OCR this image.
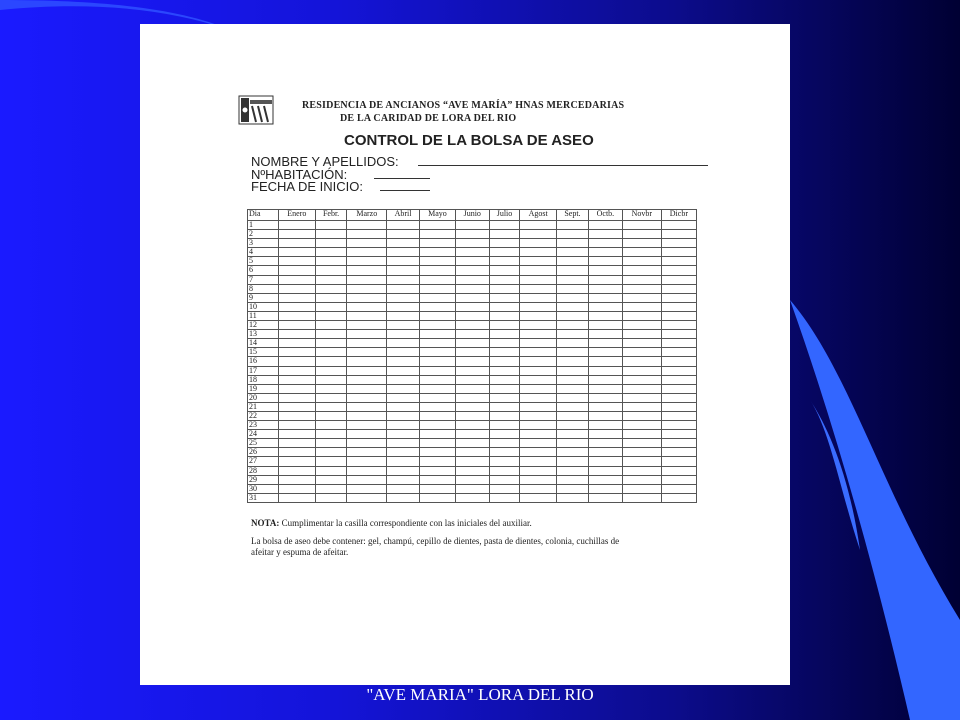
RESIDENCIA DE ANCIANOS “AVE MARÍA” HNAS MERCEDARIAS
DE LA CARIDAD DE LORA DEL RIO
CONTROL DE LA BOLSA DE ASEO
NOMBRE Y APELLIDOS:
NºHABITACIÓN:
FECHA DE INICIO:
Dia	Enero	Febr.	Marzo	Abril	Mayo	Junio	Julio	Agost	Sept.	Octb.	Novbr	Dicbr
1												
2												
3												
4												
5												
6												
7												
8												
9												
10												
11												
12												
13												
14												
15												
16												
17												
18												
19												
20												
21												
22												
23												
24												
25												
26												
27												
28												
29												
30												
31												
NOTA: Cumplimentar la casilla correspondiente con las iniciales del auxiliar.
La bolsa de aseo debe contener: gel, champú, cepillo de dientes, pasta de dientes, colonia, cuchillas de afeitar y espuma de afeitar.
"AVE MARIA" LORA DEL RIO
